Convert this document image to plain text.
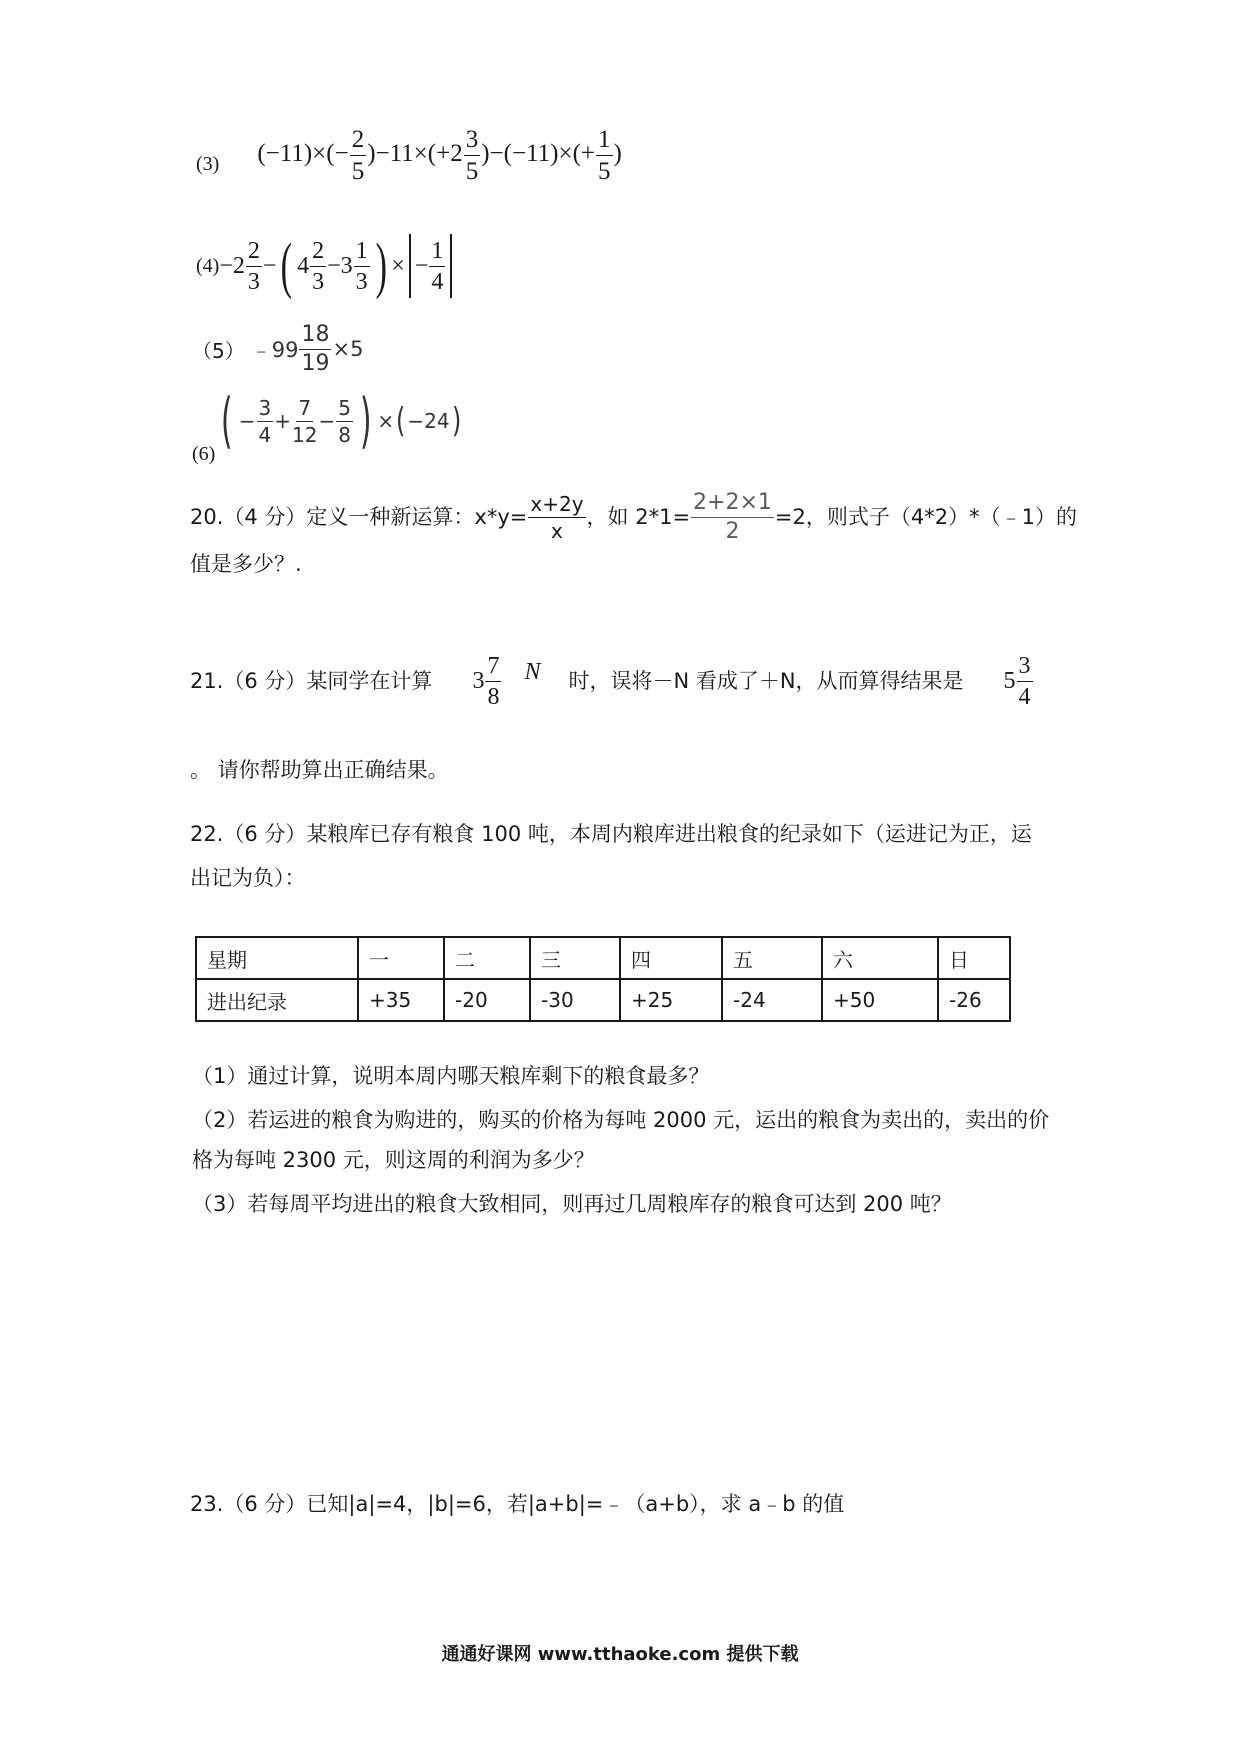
(3) $(-11)\times(- \frac{2}{5} )-11\times(+2 \frac{3}{5} )-(-11)\times(+ \frac{1}{5}$ )
$(4) -2 \frac{2}{3}$ − ( $4 \frac{2}{3} -3 \frac{1}{3}$ ) × − $\frac{1}{4}$
（5） ﹣99 $\frac{18}{19} \times 5$
(6) ( − $\frac{3}{4} + \frac{7}{12} - \frac{5}{8}$ ) × ( −24 )
20.（4 分）定义一种新运算：$x*y= \frac{x+2y}{x}$ ，如 $2*1= \frac{2+2\times 1}{2} =2$，则式子（4*2）*（﹣1）的
值是多少？.
21.（6 分）某同学在计算 $3 \frac{7}{8}$ N 时，误将－N 看成了＋N，从而算得结果是 $5 \frac{3}{4}$
。 请你帮助算出正确结果。
22.（6 分）某粮库已存有粮食 100 吨，本周内粮库进出粮食的纪录如下（运进记为正，运
出记为负）：
星期	一	二	三	四	五	六	日
进出纪录	+35	-20	-30	+25	-24	+50	-26
（1）通过计算，说明本周内哪天粮库剩下的粮食最多？
（2）若运进的粮食为购进的，购买的价格为每吨 2000 元，运出的粮食为卖出的，卖出的价
格为每吨 2300 元，则这周的利润为多少？
（3）若每周平均进出的粮食大致相同，则再过几周粮库存的粮食可达到 200 吨？
23.（6 分）已知|a|=4，|b|=6，若|a+b|=﹣（a+b），求 a﹣b 的值
通通好课网 www.tthaoke.com 提供下载
